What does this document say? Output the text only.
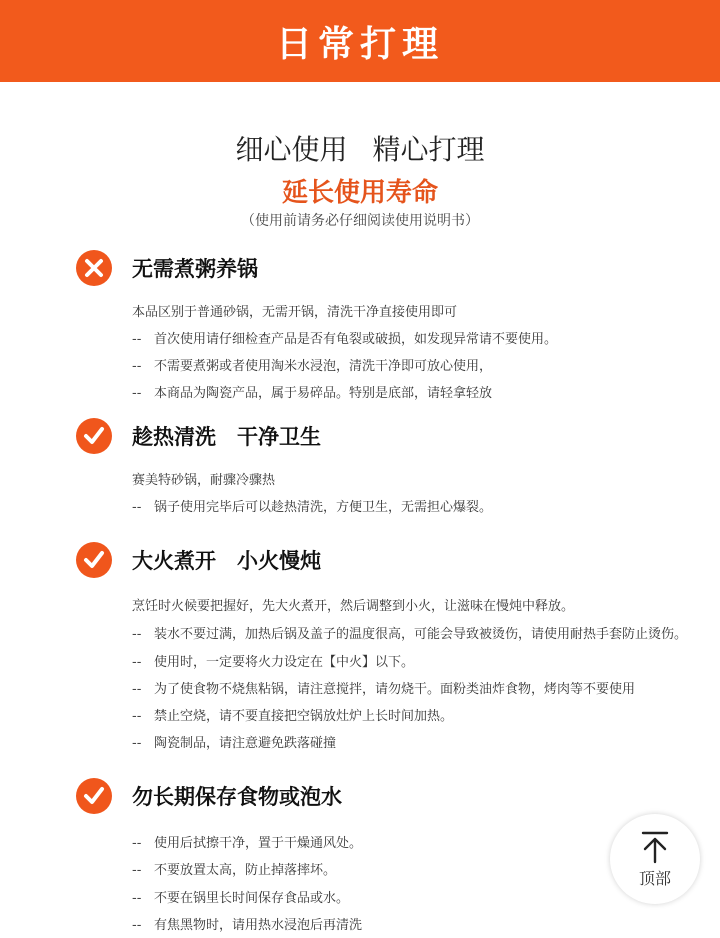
日常打理
细心使用 精心打理
延长使用寿命
（使用前请务必仔细阅读使用说明书）
无需煮粥养锅
本品区别于普通砂锅，无需开锅，清洗干净直接使用即可
-- 首次使用请仔细检查产品是否有龟裂或破损，如发现异常请不要使用。
-- 不需要煮粥或者使用淘米水浸泡，清洗干净即可放心使用，
-- 本商品为陶瓷产品，属于易碎品。特别是底部，请轻拿轻放
趁热清洗　干净卫生
赛美特砂锅，耐骤冷骤热
-- 锅子使用完毕后可以趁热清洗，方便卫生，无需担心爆裂。
大火煮开　小火慢炖
烹饪时火候要把握好，先大火煮开，然后调整到小火，让滋味在慢炖中释放。
-- 装水不要过满，加热后锅及盖子的温度很高，可能会导致被烫伤，请使用耐热手套防止烫伤。
-- 使用时，一定要将火力设定在【中火】以下。
-- 为了使食物不烧焦粘锅，请注意搅拌，请勿烧干。面粉类油炸食物，烤肉等不要使用
-- 禁止空烧，请不要直接把空锅放灶炉上长时间加热。
-- 陶瓷制品，请注意避免跌落碰撞
勿长期保存食物或泡水
-- 使用后拭擦干净，置于干燥通风处。
-- 不要放置太高，防止掉落摔坏。
-- 不要在锅里长时间保存食品或水。
-- 有焦黑物时，请用热水浸泡后再清洗
顶部
